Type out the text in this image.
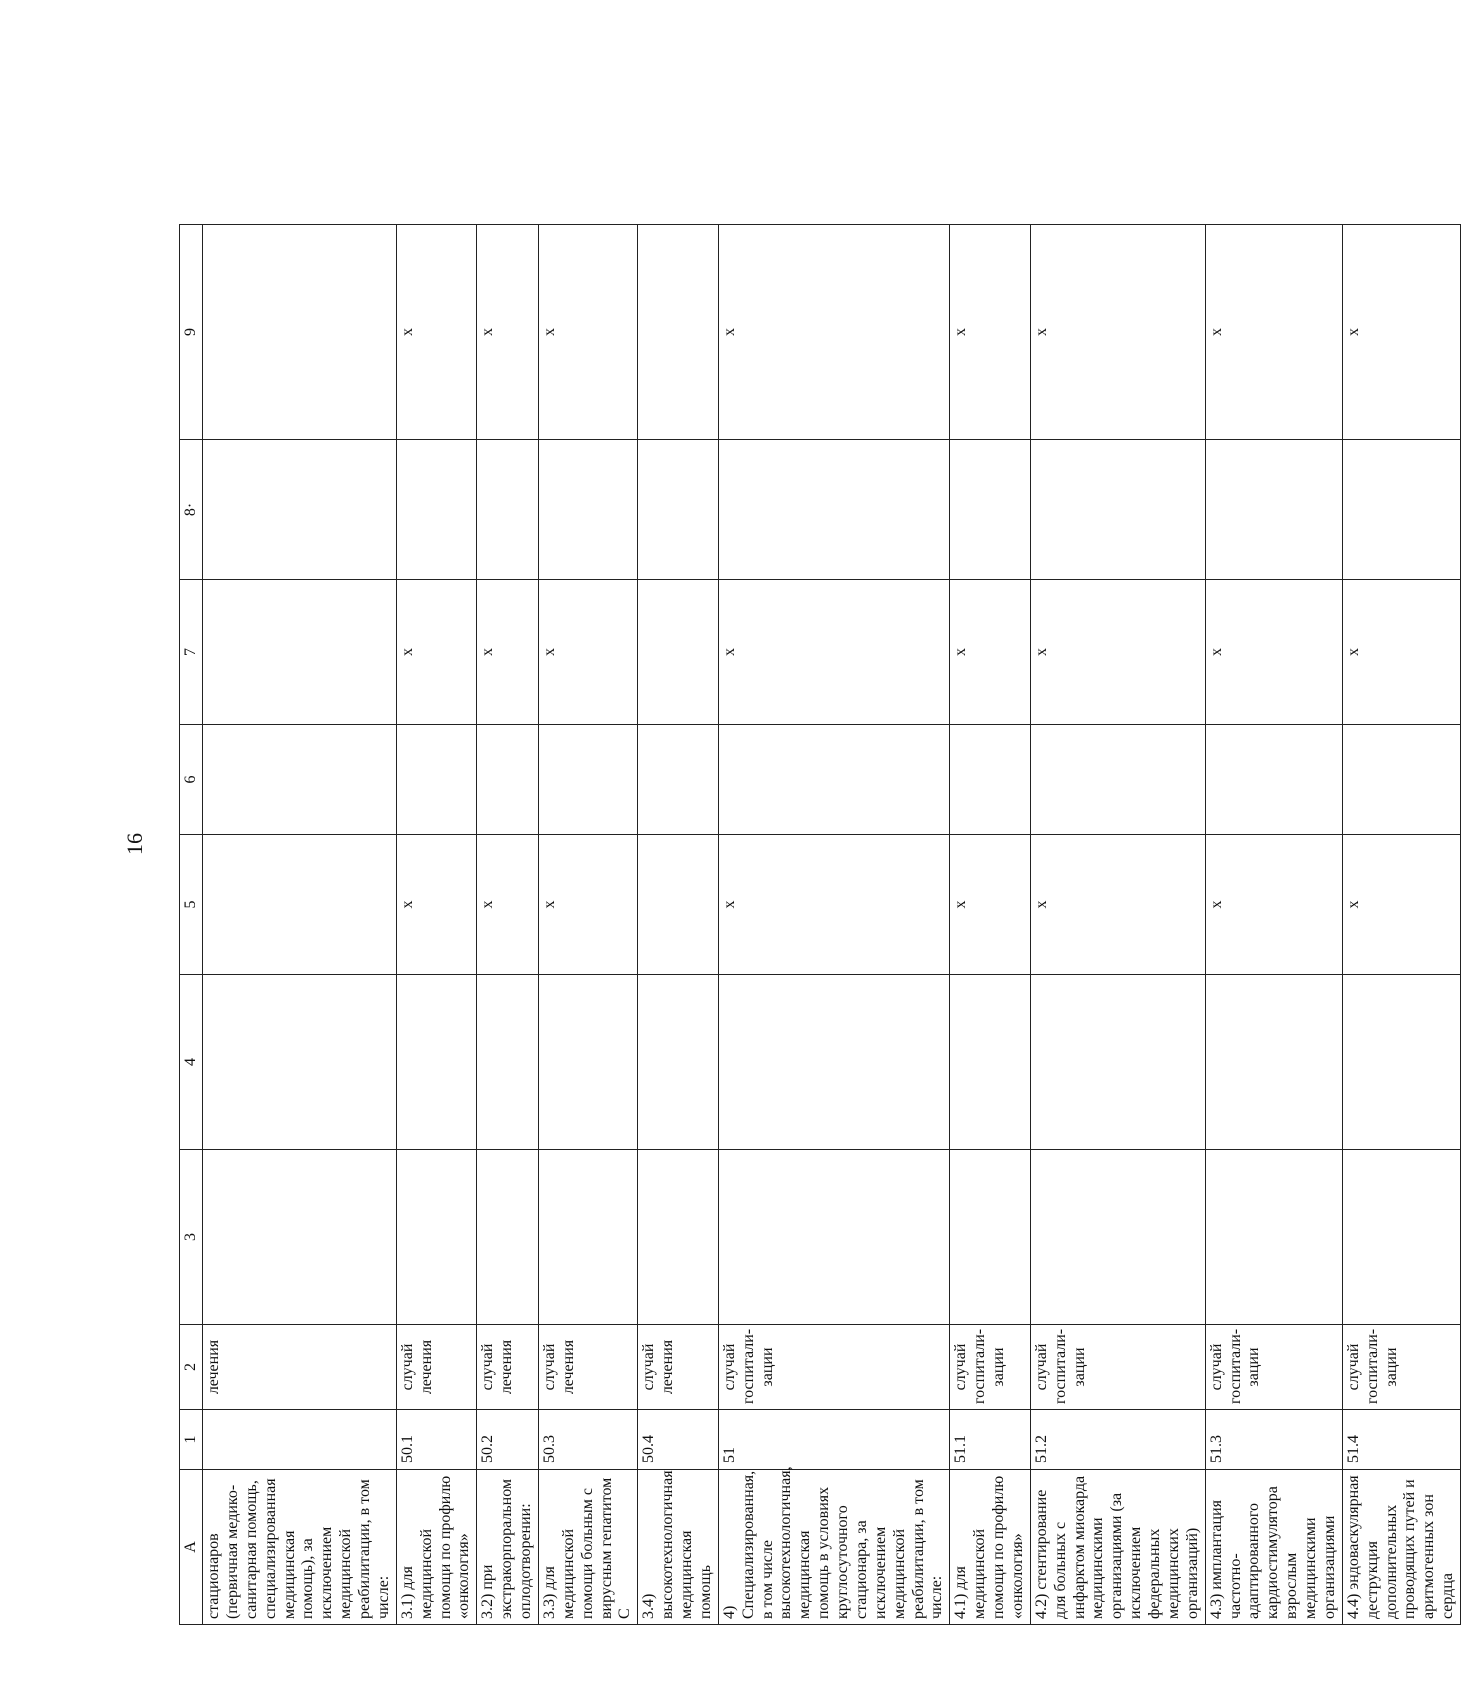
16
А	1	2	3	4	5	6	7	8·	9
стационаров (первичная медико-санитарная помощь, специализированная медицинская помощь), за исключением медицинской реабилитации, в том числе:		лечения							
3.1) для медицинской помощи по профилю «онкология»	50.1	случай лечения			х		х		х
3.2) при экстракорпоральном оплодотворении:	50.2	случай лечения			х		х		х
3.3) для медицинской помощи больным с вирусным гепатитом С	50.3	случай лечения			х		х		х
3.4) высокотехнологичная медицинская помощь	50.4	случай лечения							
4) Специализированная, в том числе высокотехнологичная, медицинская помощь в условиях круглосуточного стационара, за исключением медицинской реабилитации, в том числе:	51	случай госпитали-зации			х		х		х
4.1) для медицинской помощи по профилю «онкология»	51.1	случай госпитали-зации			х		х		х
4.2) стентирование для больных с инфарктом миокарда медицинскими организациями (за исключением федеральных медицинских организаций)	51.2	случай госпитали-зации			х		х		х
4.3) имплантация частотно-адаптированного кардиостимулятора взрослым медицинскими организациями	51.3	случай госпитали-зации			х		х		х
4.4) эндоваскулярная деструкция дополнительных проводящих путей и аритмогенных зон сердца	51.4	случай госпитали-зации			х		х		х
